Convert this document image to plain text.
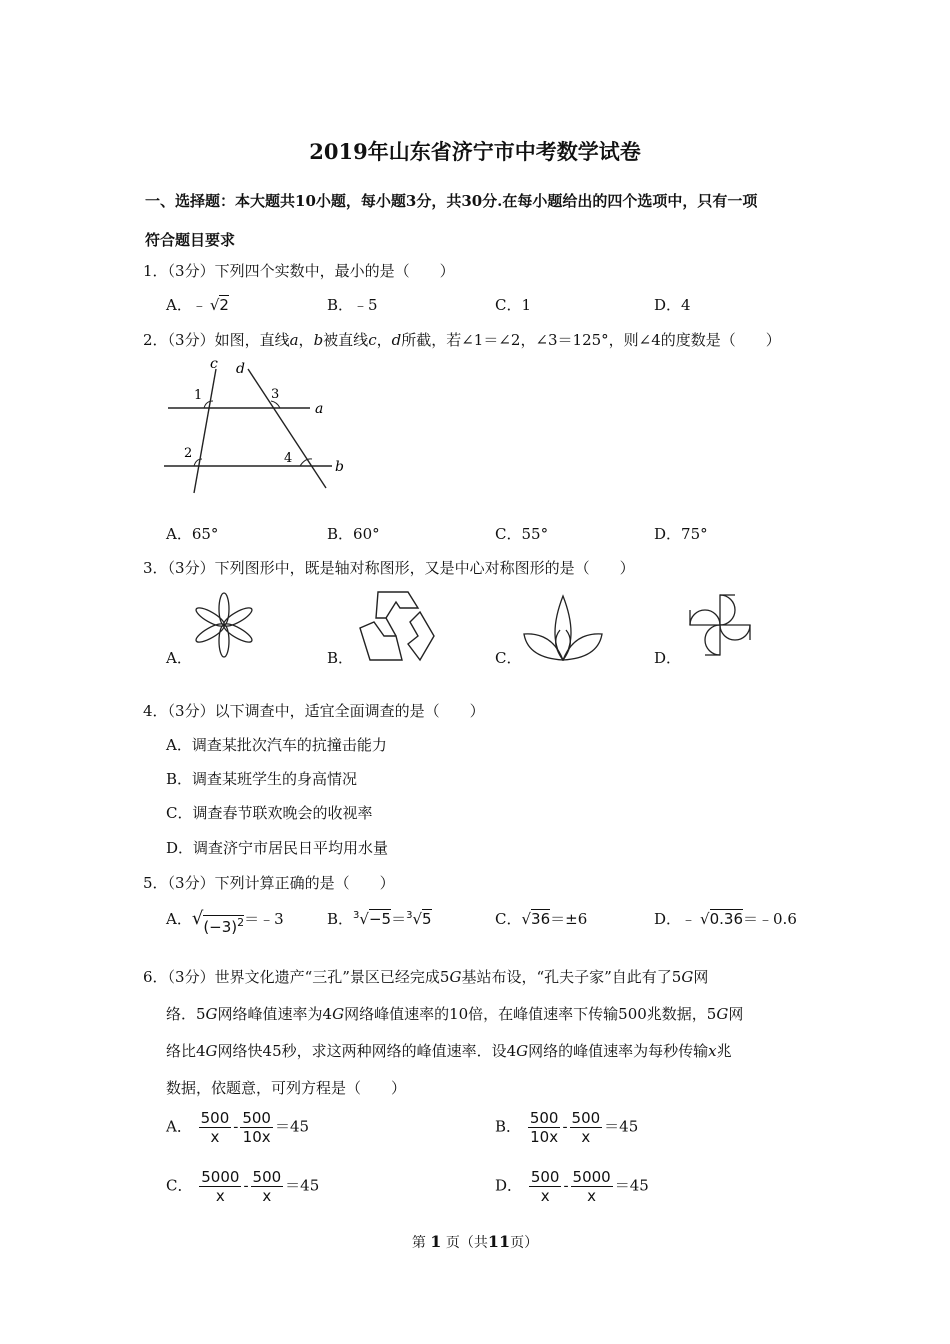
2019年山东省济宁市中考数学试卷
一、选择题：本大题共10小题，每小题3分，共30分.在每小题给出的四个选项中，只有一项
符合题目要求
1．（3分）下列四个实数中，最小的是（　　）
A．﹣ √2	B．﹣5	C．1	D．4
2．（3分）如图，直线a，b被直线c，d所截，若∠1＝∠2，∠3＝125°，则∠4的度数是（　　）
c d
a
b
1
2
3
4
A．65°	B．60°	C．55°	D．75°
3．（3分）下列图形中，既是轴对称图形，又是中心对称图形的是（　　）
A．	B．	C．	D．
4．（3分）以下调查中，适宜全面调查的是（　　）
A．调查某批次汽车的抗撞击能力
B．调查某班学生的身高情况
C．调查春节联欢晚会的收视率
D．调查济宁市居民日平均用水量
5．（3分）下列计算正确的是（　　）
A．$√(-3)^2=﹣3$	B．$^3$√−5＝$^3$√5	C．√36＝±6	D．﹣ √0.36＝﹣0.6
6．（3分）世界文化遗产“三孔”景区已经完成5G基站布设，“孔夫子家”自此有了5G网
络．5G网络峰值速率为4G网络峰值速率的10倍，在峰值速率下传输500兆数据，5G网
络比4G网络快45秒，求这两种网络的峰值速率．设4G网络的峰值速率为每秒传输x兆
数据，依题意，可列方程是（　　）
A． $\frac{500}{x} - \frac{500}{10x} =45$	B． $\frac{500}{10x} - \frac{500}{x} =45$
C． $\frac{5000}{x} - \frac{500}{x} =45$	D． $\frac{500}{x} - \frac{5000}{x} =45$
第 1 页（共11页）
